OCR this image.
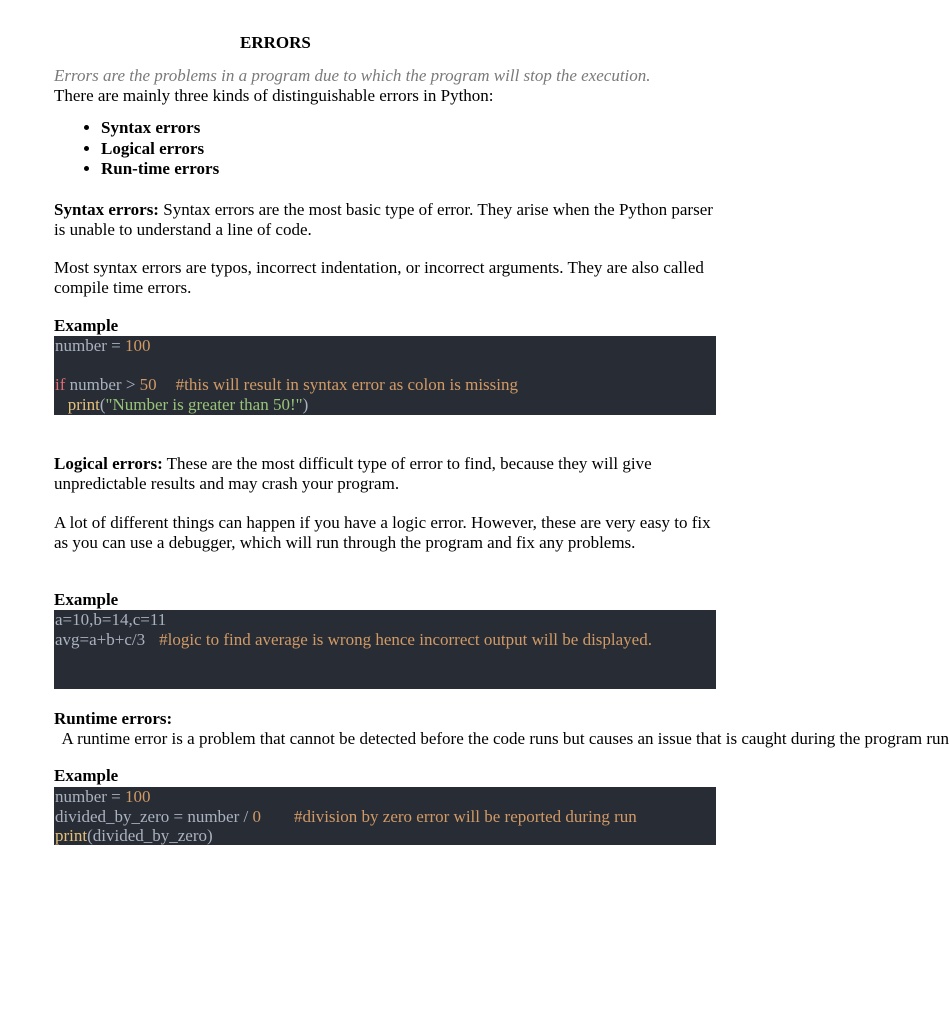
ERRORS

Errors are the problems in a program due to which the program will stop the execution.

There are mainly three kinds of distinguishable errors in Python:

• Syntax errors
• Logical errors
• Run-time errors

Syntax errors: Syntax errors are the most basic type of error. They arise when the Python parser is unable to understand a line of code.

Most syntax errors are typos, incorrect indentation, or incorrect arguments. They are also called compile time errors.

Example

number = 100
if number > 50 #this will result in syntax error as colon is missing
print("Number is greater than 50!")

Logical errors: These are the most difficult type of error to find, because they will give unpredictable results and may crash your program.

A lot of different things can happen if you have a logic error. However, these are very easy to fix as you can use a debugger, which will run through the program and fix any problems.

Example

a=10,b=14,c=11
avg=a+b+c/3 #logic to find average is wrong hence incorrect output will be displayed.

Runtime errors:  A runtime error is a problem that cannot be detected before the code runs but causes an issue that is caught during the program run

Example

number = 100
divided_by_zero = number / 0 #division by zero error will be reported during run
print(divided_by_zero)
